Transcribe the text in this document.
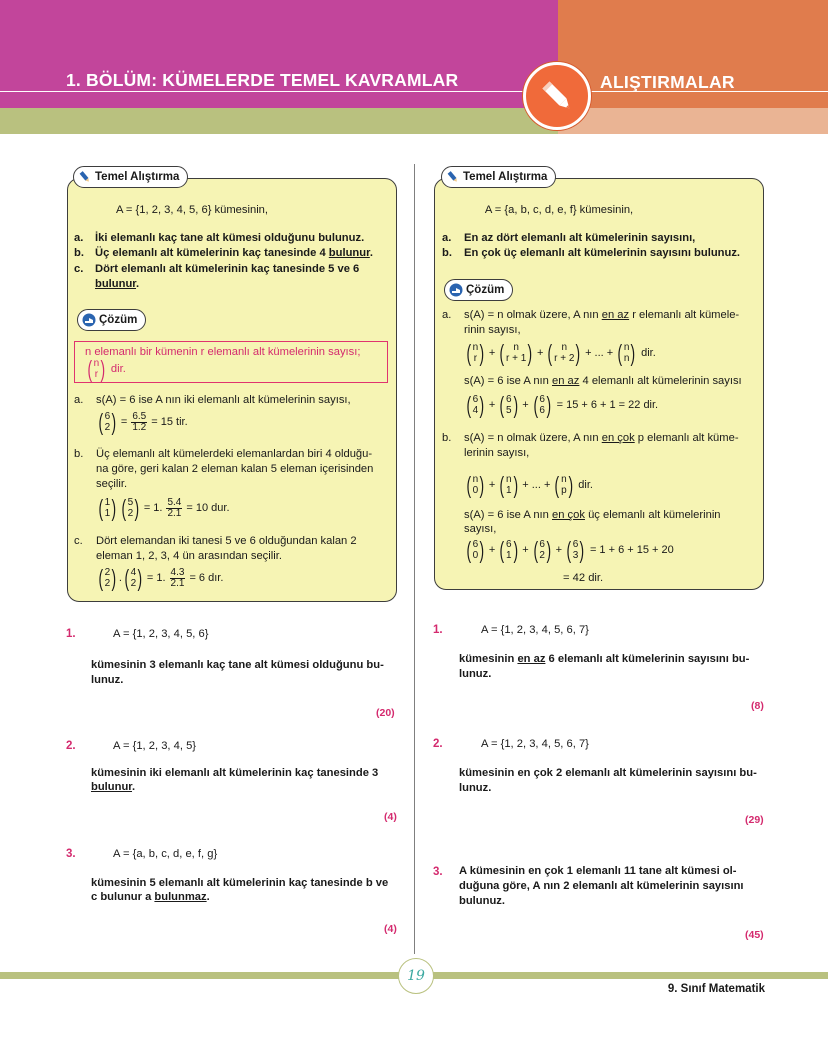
1. BÖLÜM: KÜMELERDE TEMEL KAVRAMLAR	ALIŞTIRMALAR
Temel Alıştırma
A = {1, 2, 3, 4, 5, 6} kümesinin,
a. İki elemanlı kaç tane alt kümesi olduğunu bulunuz.
b. Üç elemanlı alt kümelerinin kaç tanesinde 4 bulunur.
c. Dört elemanlı alt kümelerinin kaç tanesinde 5 ve 6 bulunur.
Çözüm
n elemanlı bir kümenin r elemanlı alt kümelerinin sayısı;
( n
r ) dir.
a. s(A) = 6 ise A nın iki elemanlı alt kümelerinin sayısı,
( 6
2 ) = $\frac{6.5}{1.2} = 15$ tir.
b. Üç elemanlı alt kümelerdeki elemanlardan biri 4 olduğu-
na göre, geri kalan 2 eleman kalan 5 eleman içerisinden
seçilir.
( 1
1 ) ( 5
2 ) = 1. $\frac{5.4}{2.1} = 10$ dur.
c. Dört elemandan iki tanesi 5 ve 6 olduğundan kalan 2
eleman 1, 2, 3, 4 ün arasından seçilir.
( 2
2 ) . ( 4
2 ) = 1. $\frac{4.3}{2.1} = 6$ dır.
Temel Alıştırma
A = {a, b, c, d, e, f} kümesinin,
a. En az dört elemanlı alt kümelerinin sayısını,
b. En çok üç elemanlı alt kümelerinin sayısını bulunuz.
Çözüm
a. s(A) = n olmak üzere, A nın en az r elemanlı alt kümele-
rinin sayısı,
( n
r ) + ( n
r + 1 ) + ( n
r + 2 ) + ... + ( n
n ) dir.
s(A) = 6 ise A nın en az 4 elemanlı alt kümelerinin sayısı
( 6
4 ) + ( 6
5 ) + ( 6
6 ) = 15 + 6 + 1 = 22 dir.
b. s(A) = n olmak üzere, A nın en çok p elemanlı alt küme-
lerinin sayısı,
( n
0 ) + ( n
1 ) + ... + ( n
p ) dir.
s(A) = 6 ise A nın en çok üç elemanlı alt kümelerinin
sayısı,
( 6
0 ) + ( 6
1 ) + ( 6
2 ) + ( 6
3 ) = 1 + 6 + 15 + 20
= 42 dir.
1.	A = {1, 2, 3, 4, 5, 6}
kümesinin 3 elemanlı kaç tane alt kümesi olduğunu bu-
lunuz.
(20)
2.	A = {1, 2, 3, 4, 5}
kümesinin iki elemanlı alt kümelerinin kaç tanesinde 3
bulunur.
(4)
3.	A = {a, b, c, d, e, f, g}
kümesinin 5 elemanlı alt kümelerinin kaç tanesinde b ve
c bulunur a bulunmaz.
(4)
1.	A = {1, 2, 3, 4, 5, 6, 7}
kümesinin en az 6 elemanlı alt kümelerinin sayısını bu-
lunuz.
(8)
2.	A = {1, 2, 3, 4, 5, 6, 7}
kümesinin en çok 2 elemanlı alt kümelerinin sayısını bu-
lunuz.
(29)
3. A kümesinin en çok 1 elemanlı 11 tane alt kümesi ol-
duğuna göre, A nın 2 elemanlı alt kümelerinin sayısını
bulunuz.
(45)
19
9. Sınıf Matematik
